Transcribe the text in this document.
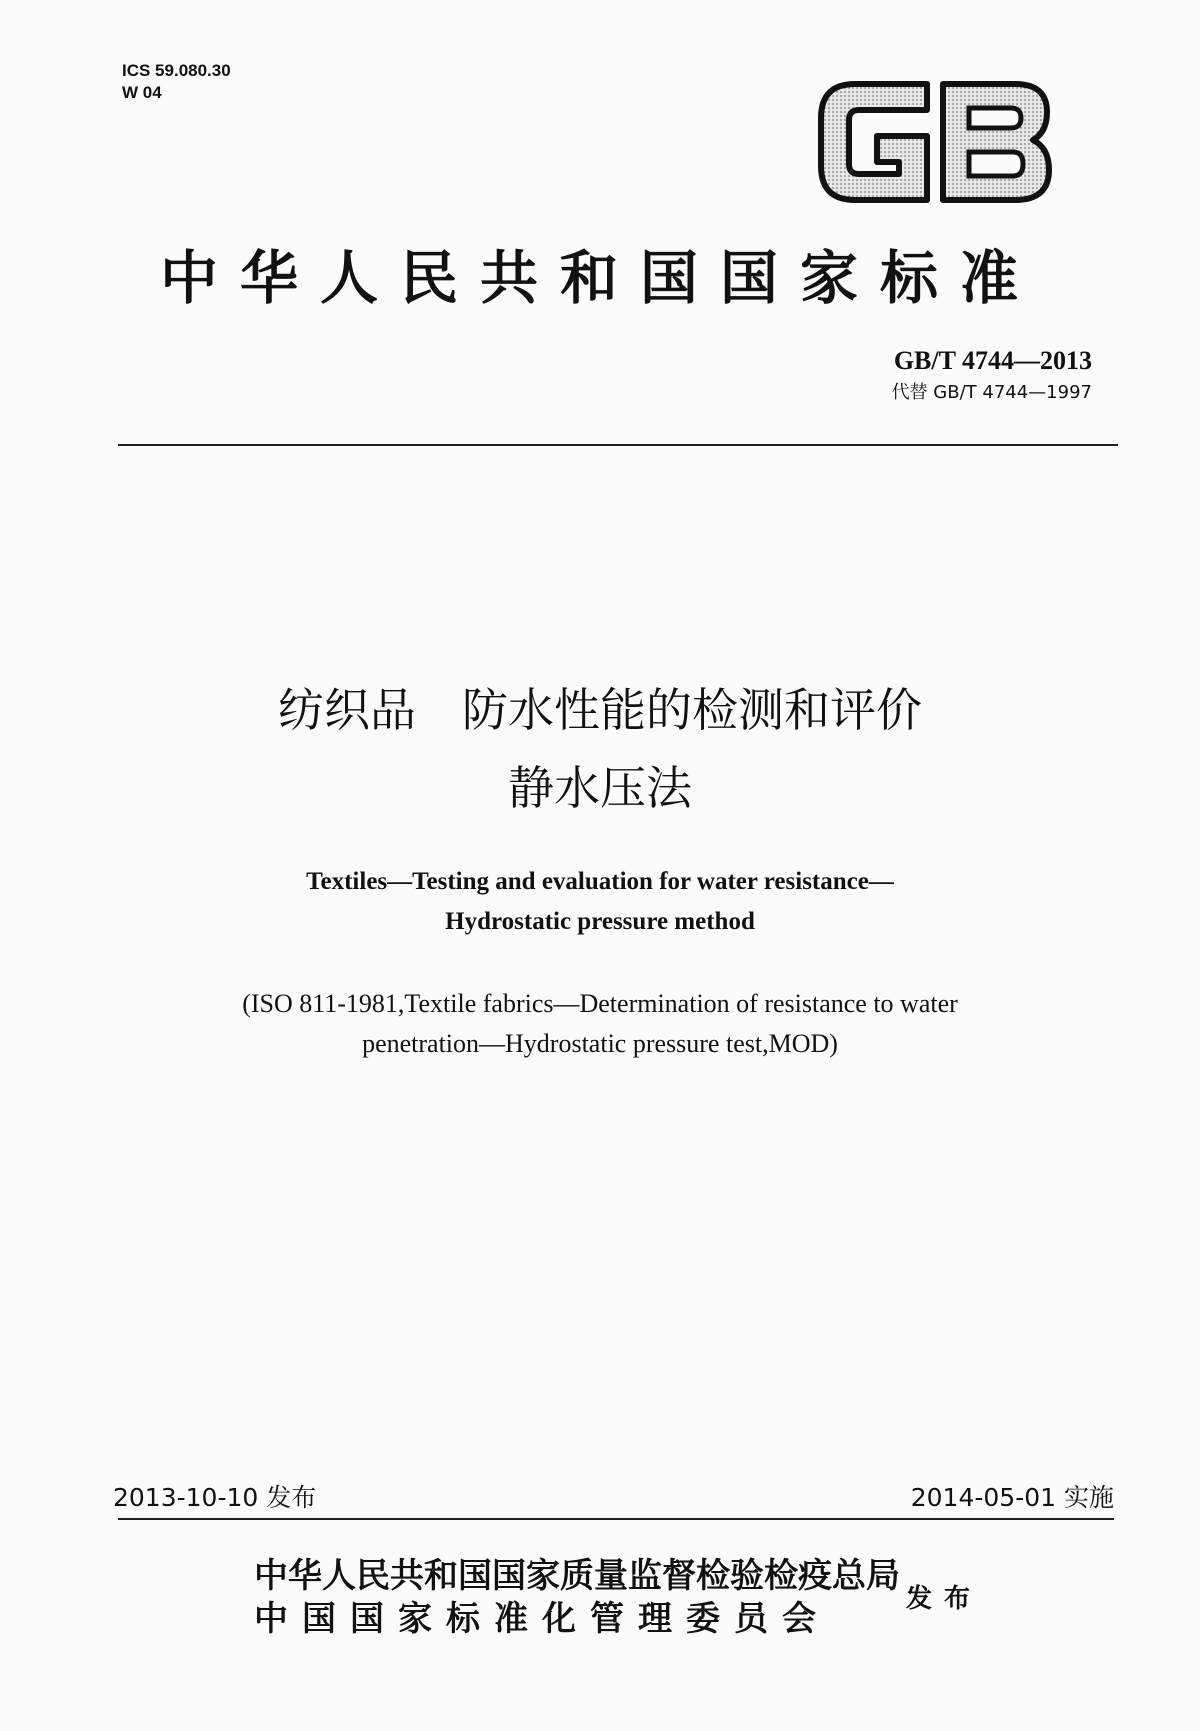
ICS 59.080.30
W 04
中华人民共和国国家标准
GB/T 4744—2013
代替 GB/T 4744—1997
纺织品　防水性能的检测和评价
静水压法
Textiles—Testing and evaluation for water resistance—
Hydrostatic pressure method
(ISO 811-1981,Textile fabrics—Determination of resistance to water
penetration—Hydrostatic pressure test,MOD)
2013-10-10 发布	2014-05-01 实施
中华人民共和国国家质量监督检验检疫总局
中国国家标准化管理委员会	发布
